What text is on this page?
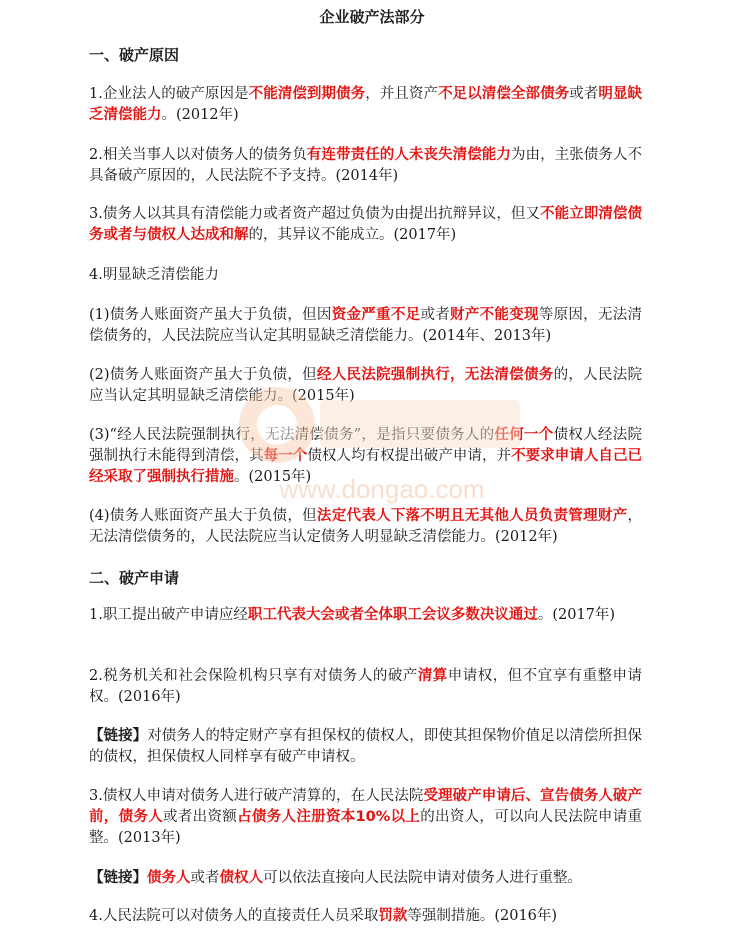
企业破产法部分
一、破产原因
1.企业法人的破产原因是不能清偿到期债务，并且资产不足以清偿全部债务或者明显缺乏清偿能力。(2012年)
2.相关当事人以对债务人的债务负有连带责任的人未丧失清偿能力为由，主张债务人不具备破产原因的，人民法院不予支持。(2014年)
3.债务人以其具有清偿能力或者资产超过负债为由提出抗辩异议，但又不能立即清偿债务或者与债权人达成和解的，其异议不能成立。(2017年)
4.明显缺乏清偿能力
(1)债务人账面资产虽大于负债，但因资金严重不足或者财产不能变现等原因，无法清偿债务的，人民法院应当认定其明显缺乏清偿能力。(2014年、2013年)
(2)债务人账面资产虽大于负债，但经人民法院强制执行，无法清偿债务的，人民法院应当认定其明显缺乏清偿能力。(2015年)
(3)“经人民法院强制执行，无法清偿债务”，是指只要债务人的任何一个债权人经法院强制执行未能得到清偿，其每一个债权人均有权提出破产申请，并不要求申请人自己已经采取了强制执行措施。(2015年)
(4)债务人账面资产虽大于负债，但法定代表人下落不明且无其他人员负责管理财产，无法清偿债务的，人民法院应当认定债务人明显缺乏清偿能力。(2012年)
二、破产申请
1.职工提出破产申请应经职工代表大会或者全体职工会议多数决议通过。(2017年)
2.税务机关和社会保险机构只享有对债务人的破产清算申请权，但不宜享有重整申请权。(2016年)
【链接】对债务人的特定财产享有担保权的债权人，即使其担保物价值足以清偿所担保的债权，担保债权人同样享有破产申请权。
3.债权人申请对债务人进行破产清算的，在人民法院受理破产申请后、宣告债务人破产前，债务人或者出资额占债务人注册资本10%以上的出资人，可以向人民法院申请重整。(2013年)
【链接】债务人或者债权人可以依法直接向人民法院申请对债务人进行重整。
4.人民法院可以对债务人的直接责任人员采取罚款等强制措施。(2016年)
www.dongao.com
